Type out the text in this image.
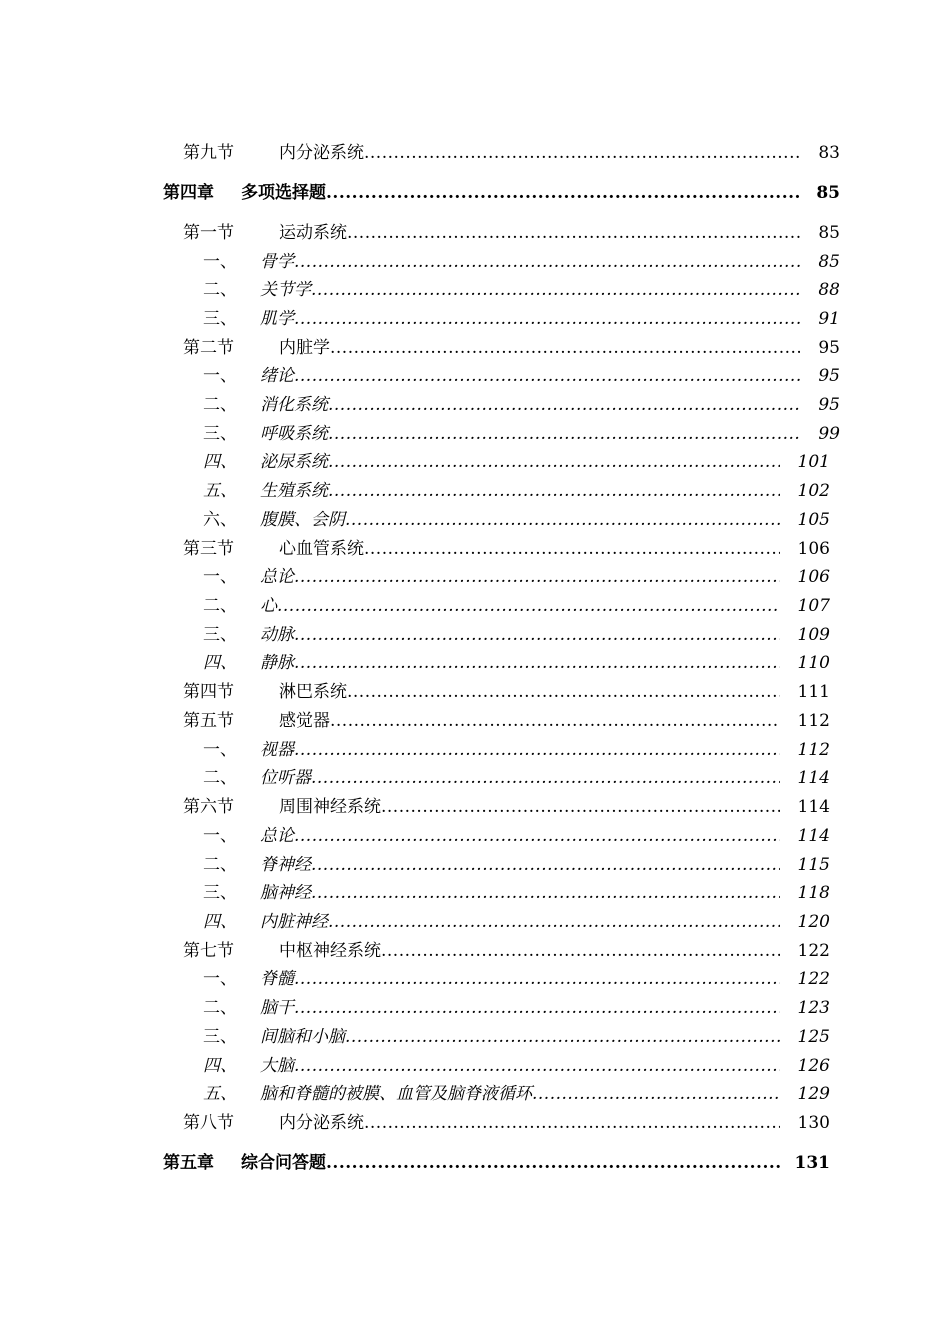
第九节	内分泌系统 .....	83
第四章	多项选择题 .....	85
第一节	运动系统 .....	85
一、	骨学 .....	85
二、	关节学 .....	88
三、	肌学 .....	91
第二节	内脏学 .....	95
一、	绪论 .....	95
二、	消化系统 .....	95
三、	呼吸系统 .....	99
四、	泌尿系统 .....	101
五、	生殖系统 .....	102
六、	腹膜、会阴 .....	105
第三节	心血管系统 .....	106
一、	总论 .....	106
二、	心 .....	107
三、	动脉 .....	109
四、	静脉 .....	110
第四节	淋巴系统 .....	111
第五节	感觉器 .....	112
一、	视器 .....	112
二、	位听器 .....	114
第六节	周围神经系统 .....	114
一、	总论 .....	114
二、	脊神经 .....	115
三、	脑神经 .....	118
四、	内脏神经 .....	120
第七节	中枢神经系统 .....	122
一、	脊髓 .....	122
二、	脑干 .....	123
三、	间脑和小脑 .....	125
四、	大脑 .....	126
五、	脑和脊髓的被膜、血管及脑脊液循环 .....	129
第八节	内分泌系统 .....	130
第五章	综合问答题 .....	131
